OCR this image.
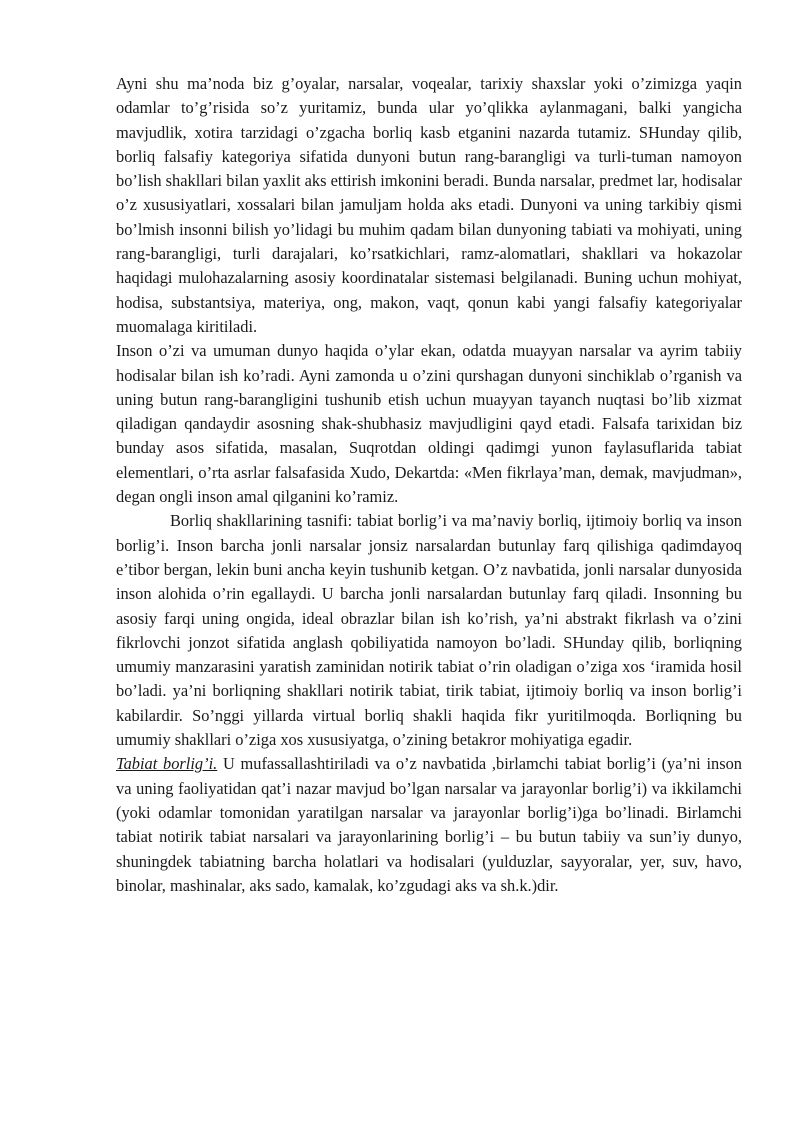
Ayni shu ma’noda biz g’oyalar, narsalar, voqealar, tarixiy shaxslar yoki o’zimizga yaqin odamlar to’g’risida so’z yuritamiz, bunda ular yo’qlikka aylanmagani, balki yangicha mavjudlik, xotira tarzidagi o’zgacha borliq kasb etganini nazarda tutamiz. SHunday qilib, borliq falsafiy kategoriya sifatida dunyoni butun rang-barangligi va turli-tuman namoyon bo’lish shakllari bilan yaxlit aks ettirish imkonini beradi. Bunda narsalar, predmet lar, hodisalar o’z xususiyatlari, xossalari bilan jamuljam holda aks etadi. Dunyoni va uning tarkibiy qismi bo’lmish insonni bilish yo’lidagi bu muhim qadam bilan dunyoning tabiati va mohiyati, uning rang-barangligi, turli darajalari, ko’rsatkichlari, ramz-alomatlari, shakllari va hokazolar haqidagi mulohazalarning asosiy koordinatalar sistemasi belgilanadi. Buning uchun mohiyat, hodisa, substantsiya, materiya, ong, makon, vaqt, qonun kabi yangi falsafiy kategoriyalar muomalaga kiritiladi.

Inson o’zi va umuman dunyo haqida o’ylar ekan, odatda muayyan narsalar va ayrim tabiiy hodisalar bilan ish ko’radi. Ayni zamonda u o’zini qurshagan dunyoni sinchiklab o’rganish va uning butun rang-barangligini tushunib etish uchun muayyan tayanch nuqtasi bo’lib xizmat qiladigan qandaydir asosning shak-shubhasiz mavjudligini qayd etadi. Falsafa tarixidan biz bunday asos sifatida, masalan, Suqrotdan oldingi qadimgi yunon faylasuflarida tabiat elementlari, o’rta asrlar falsafasida Xudo, Dekartda: «Men fikrlaya’man, demak, mavjudman», degan ongli inson amal qilganini ko’ramiz.

Borliq shakllarining tasnifi: tabiat borlig’i va ma’naviy borliq, ijtimoiy borliq va inson borlig’i. Inson barcha jonli narsalar jonsiz narsalardan butunlay farq qilishiga qadimdayoq e’tibor bergan, lekin buni ancha keyin tushunib ketgan. O’z navbatida, jonli narsalar dunyosida inson alohida o’rin egallaydi. U barcha jonli narsalardan butunlay farq qiladi. Insonning bu asosiy farqi uning ongida, ideal obrazlar bilan ish ko’rish, ya’ni abstrakt fikrlash va o’zini fikrlovchi jonzot sifatida anglash qobiliyatida namoyon bo’ladi. SHunday qilib, borliqning umumiy manzarasini yaratish zaminidan notirik tabiat o’rin oladigan o’ziga xos ‘iramida hosil bo’ladi. ya’ni borliqning shakllari notirik tabiat, tirik tabiat, ijtimoiy borliq va inson borlig’i kabilardir. So’nggi yillarda virtual borliq shakli haqida fikr yuritilmoqda. Borliqning bu umumiy shakllari o’ziga xos xususiyatga, o’zining betakror mohiyatiga egadir.

Tabiat borlig’i. U mufassallashtiriladi va o’z navbatida ,birlamchi tabiat borlig’i (ya’ni inson va uning faoliyatidan qat’i nazar mavjud bo’lgan narsalar va jarayonlar borlig’i) va ikkilamchi (yoki odamlar tomonidan yaratilgan narsalar va jarayonlar borlig’i)ga bo’linadi. Birlamchi tabiat notirik tabiat narsalari va jarayonlarining borlig’i – bu butun tabiiy va sun’iy dunyo, shuningdek tabiatning barcha holatlari va hodisalari (yulduzlar, sayyoralar, yer, suv, havo, binolar, mashinalar, aks sado, kamalak, ko’zgudagi aks va sh.k.)dir.
